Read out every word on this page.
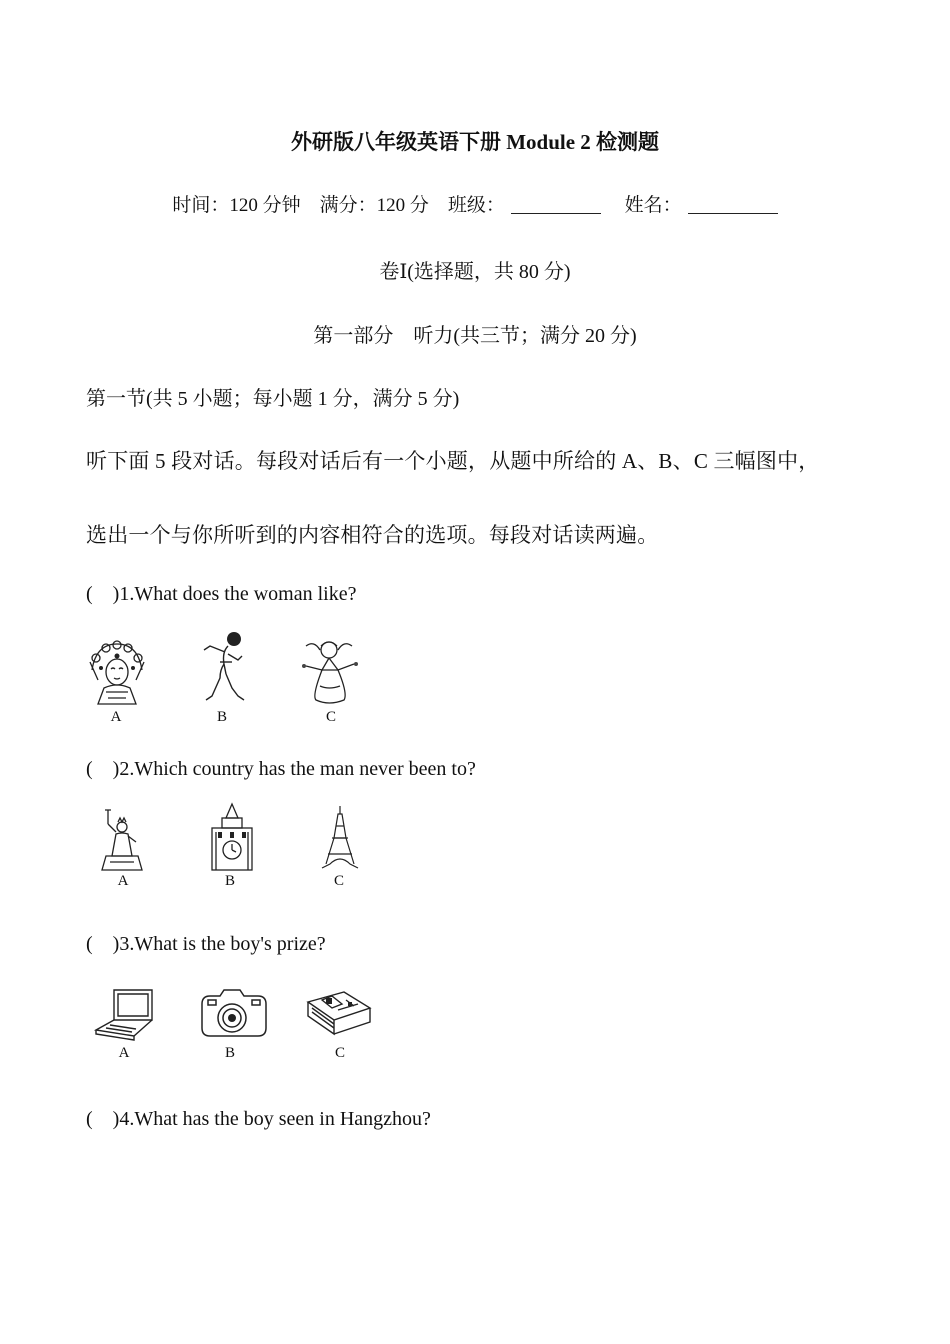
外研版八年级英语下册 Module 2 检测题
时间：120 分钟 满分：120 分 班级：	姓名：
卷Ⅰ(选择题，共 80 分)
第一部分　听力(共三节；满分 20 分)
第一节(共 5 小题；每小题 1 分，满分 5 分)
听下面 5 段对话。每段对话后有一个小题，从题中所给的 A、B、C 三幅图中，
选出一个与你所听到的内容相符合的选项。每段对话读两遍。
(    )1.What does the woman like?
A	B	C
(    )2.Which country has the man never been to?
A	B	C
(    )3.What is the boy's prize?
A	B	C
(    )4.What has the boy seen in Hangzhou?
